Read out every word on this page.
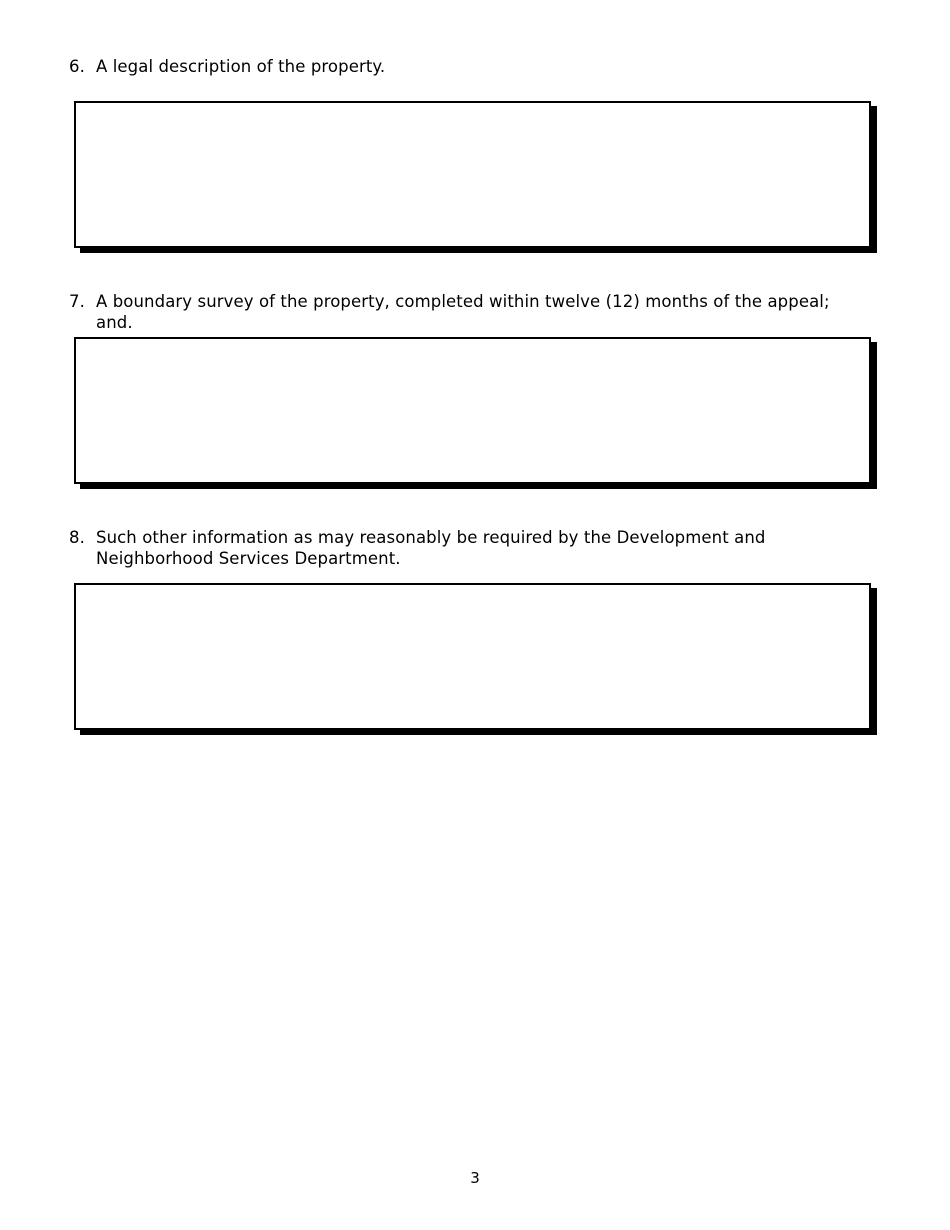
6. A legal description of the property.
7. A boundary survey of the property, completed within twelve (12) months of the appeal; and.
8. Such other information as may reasonably be required by the Development and
Neighborhood Services Department.
3
